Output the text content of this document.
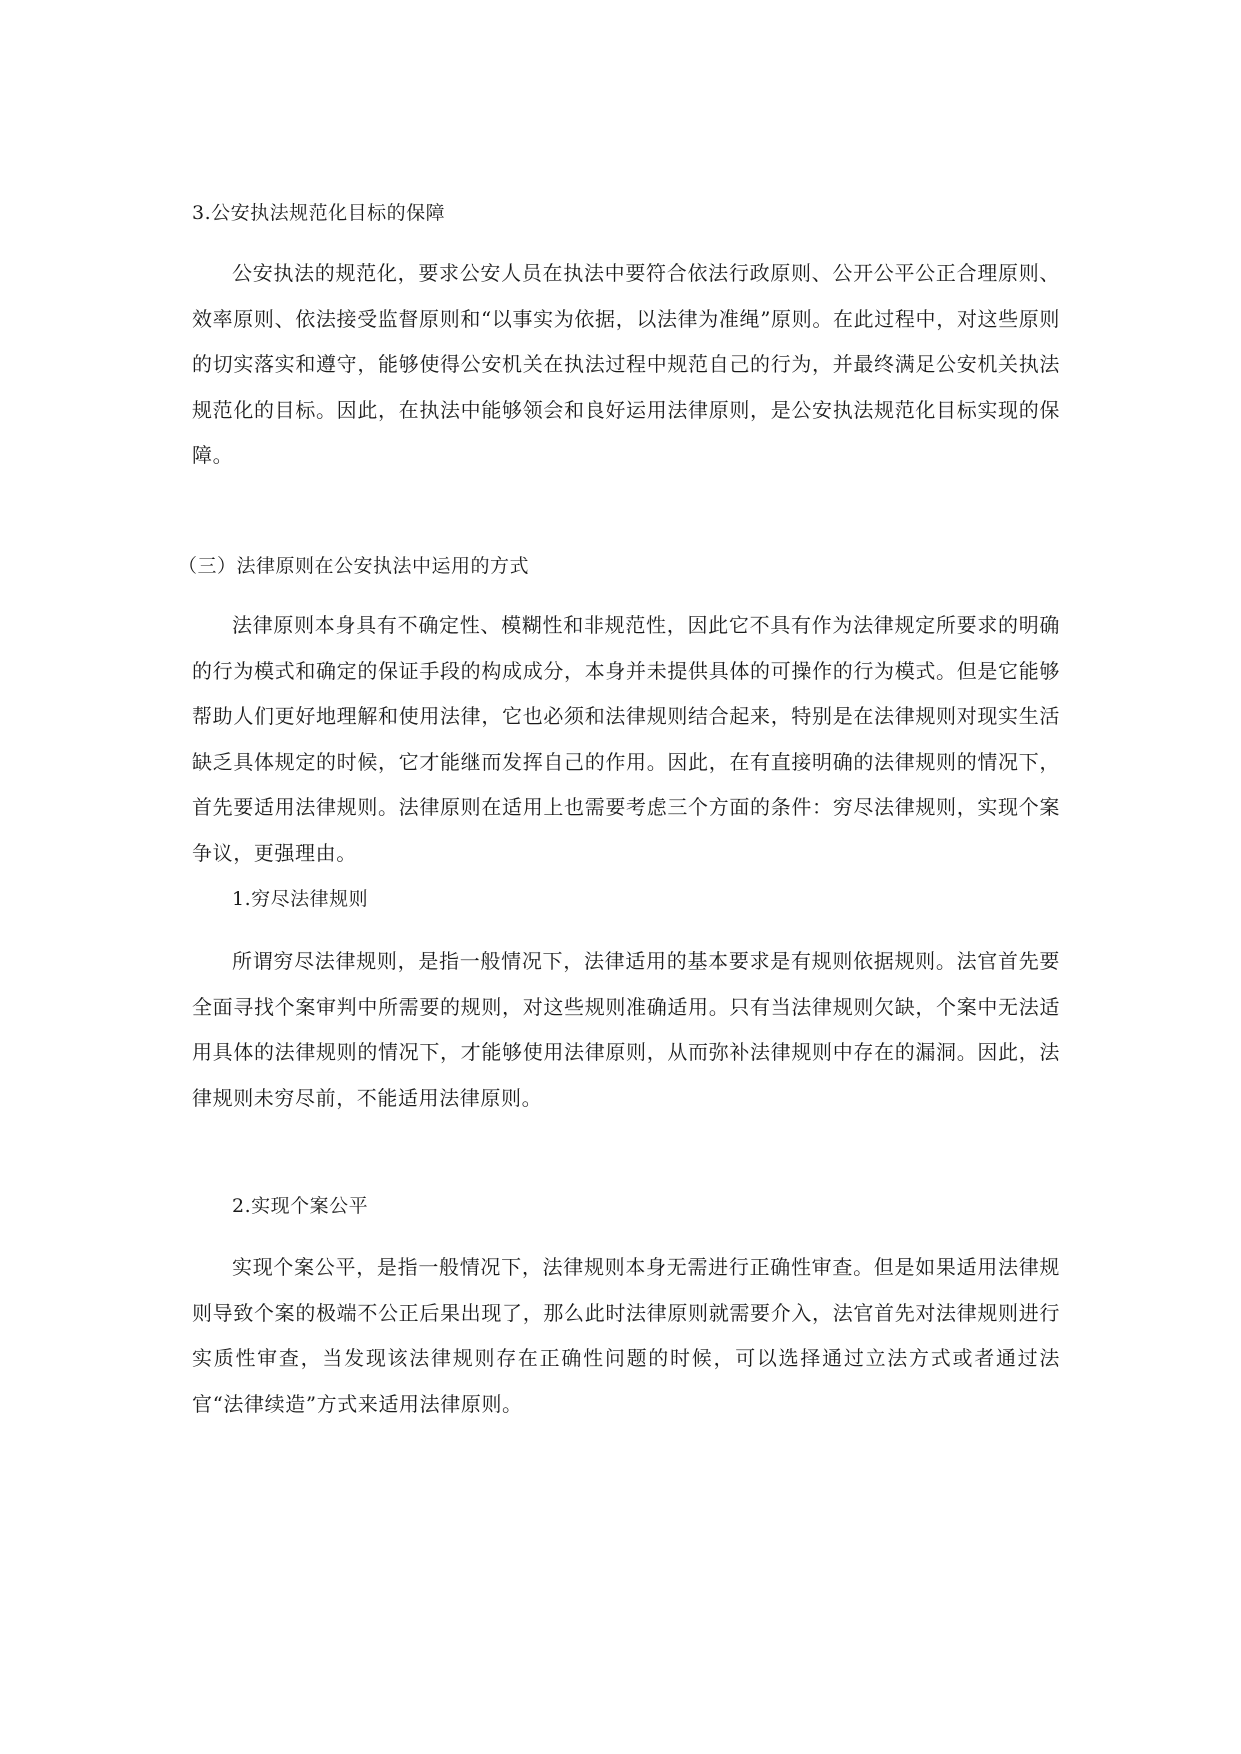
3.公安执法规范化目标的保障
公安执法的规范化，要求公安人员在执法中要符合依法行政原则、公开公平公正合理原则、效率原则、依法接受监督原则和“以事实为依据，以法律为准绳”原则。在此过程中，对这些原则的切实落实和遵守，能够使得公安机关在执法过程中规范自己的行为，并最终满足公安机关执法规范化的目标。因此，在执法中能够领会和良好运用法律原则，是公安执法规范化目标实现的保障。
（三）法律原则在公安执法中运用的方式
法律原则本身具有不确定性、模糊性和非规范性，因此它不具有作为法律规定所要求的明确的行为模式和确定的保证手段的构成成分，本身并未提供具体的可操作的行为模式。但是它能够帮助人们更好地理解和使用法律，它也必须和法律规则结合起来，特别是在法律规则对现实生活缺乏具体规定的时候，它才能继而发挥自己的作用。因此，在有直接明确的法律规则的情况下，首先要适用法律规则。法律原则在适用上也需要考虑三个方面的条件：穷尽法律规则，实现个案争议，更强理由。
1.穷尽法律规则
所谓穷尽法律规则，是指一般情况下，法律适用的基本要求是有规则依据规则。法官首先要全面寻找个案审判中所需要的规则，对这些规则准确适用。只有当法律规则欠缺，个案中无法适用具体的法律规则的情况下，才能够使用法律原则，从而弥补法律规则中存在的漏洞。因此，法律规则未穷尽前，不能适用法律原则。
2.实现个案公平
实现个案公平，是指一般情况下，法律规则本身无需进行正确性审查。但是如果适用法律规则导致个案的极端不公正后果出现了，那么此时法律原则就需要介入，法官首先对法律规则进行实质性审查，当发现该法律规则存在正确性问题的时候，可以选择通过立法方式或者通过法官“法律续造”方式来适用法律原则。
